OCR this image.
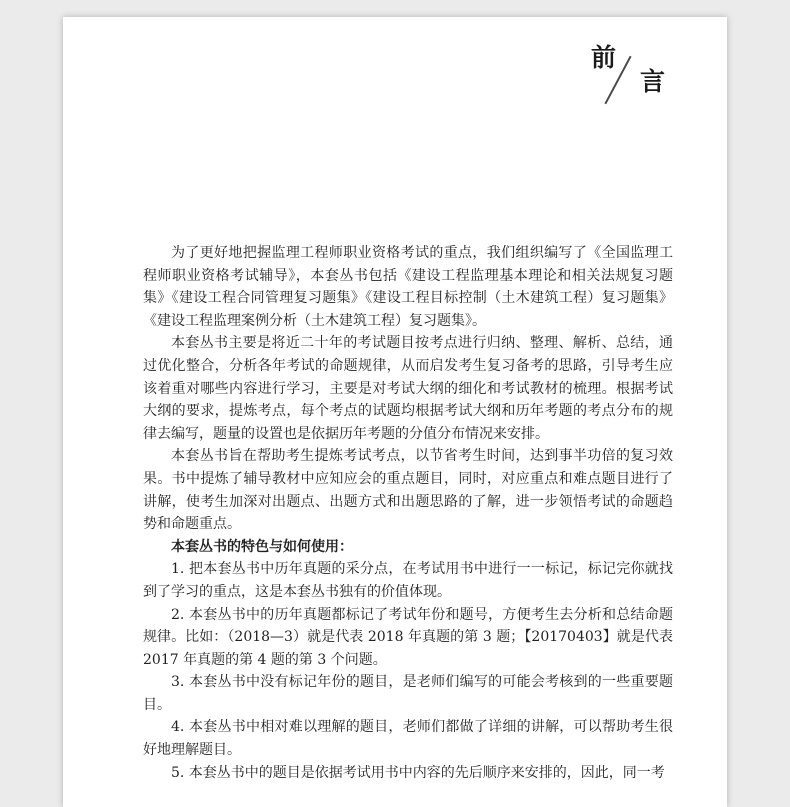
前
言

为了更好地把握监理工程师职业资格考试的重点，我们组织编写了《全国监理工程师职业资格考试辅导》，本套丛书包括《建设工程监理基本理论和相关法规复习题集》《建设工程合同管理复习题集》《建设工程目标控制（土木建筑工程）复习题集》《建设工程监理案例分析（土木建筑工程）复习题集》。

本套丛书主要是将近二十年的考试题目按考点进行归纳、整理、解析、总结，通过优化整合，分析各年考试的命题规律，从而启发考生复习备考的思路，引导考生应该着重对哪些内容进行学习，主要是对考试大纲的细化和考试教材的梳理。根据考试大纲的要求，提炼考点，每个考点的试题均根据考试大纲和历年考题的考点分布的规律去编写，题量的设置也是依据历年考题的分值分布情况来安排。

本套丛书旨在帮助考生提炼考试考点，以节省考生时间，达到事半功倍的复习效果。书中提炼了辅导教材中应知应会的重点题目，同时，对应重点和难点题目进行了讲解，使考生加深对出题点、出题方式和出题思路的了解，进一步领悟考试的命题趋势和命题重点。

本套丛书的特色与如何使用：

1. 把本套丛书中历年真题的采分点，在考试用书中进行一一标记，标记完你就找到了学习的重点，这是本套丛书独有的价值体现。

2. 本套丛书中的历年真题都标记了考试年份和题号，方便考生去分析和总结命题规律。比如：（2018—3）就是代表 2018 年真题的第 3 题；【20170403】就是代表 2017 年真题的第 4 题的第 3 个问题。

3. 本套丛书中没有标记年份的题目，是老师们编写的可能会考核到的一些重要题目。

4. 本套丛书中相对难以理解的题目，老师们都做了详细的讲解，可以帮助考生很好地理解题目。

5. 本套丛书中的题目是依据考试用书中内容的先后顺序来安排的，因此，同一考
